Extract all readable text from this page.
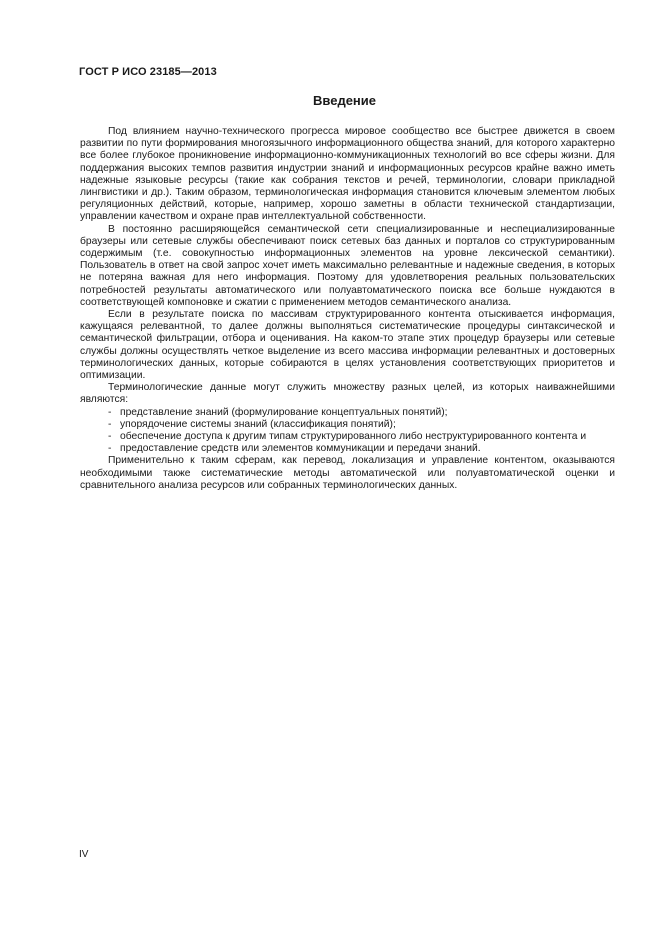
ГОСТ Р ИСО 23185—2013

Введение

Под влиянием научно-технического прогресса мировое сообщество все быстрее движется в своем развитии по пути формирования многоязычного информационного общества знаний, для которого характерно все более глубокое проникновение информационно-коммуникационных технологий во все сферы жизни. Для поддержания высоких темпов развития индустрии знаний и информационных ресурсов крайне важно иметь надежные языковые ресурсы (такие как собрания текстов и речей, терминологии, словари прикладной лингвистики и др.). Таким образом, терминологическая информация становится ключевым элементом любых регуляционных действий, которые, например, хорошо заметны в области технической стандартизации, управлении качеством и охране прав интеллектуальной собственности.

В постоянно расширяющейся семантической сети специализированные и неспециализированные браузеры или сетевые службы обеспечивают поиск сетевых баз данных и порталов со структурированным содержимым (т.е. совокупностью информационных элементов на уровне лексической семантики). Пользователь в ответ на свой запрос хочет иметь максимально релевантные и надежные сведения, в которых не потеряна важная для него информация. Поэтому для удовлетворения реальных пользовательских потребностей результаты автоматического или полуавтоматического поиска все больше нуждаются в соответствующей компоновке и сжатии с применением методов семантического анализа.

Если в результате поиска по массивам структурированного контента отыскивается информация, кажущаяся релевантной, то далее должны выполняться систематические процедуры синтаксической и семантической фильтрации, отбора и оценивания. На каком-то этапе этих процедур браузеры или сетевые службы должны осуществлять четкое выделение из всего массива информации релевантных и достоверных терминологических данных, которые собираются в целях установления соответствующих приоритетов и оптимизации.

Терминологические данные могут служить множеству разных целей, из которых наиважнейшими являются:

- представление знаний (формулирование концептуальных понятий);
- упорядочение системы знаний (классификация понятий);
- обеспечение доступа к другим типам структурированного либо неструктурированного контента и
- предоставление средств или элементов коммуникации и передачи знаний.

Применительно к таким сферам, как перевод, локализация и управление контентом, оказываются необходимыми также систематические методы автоматической или полуавтоматической оценки и сравнительного анализа ресурсов или собранных терминологических данных.

IV
